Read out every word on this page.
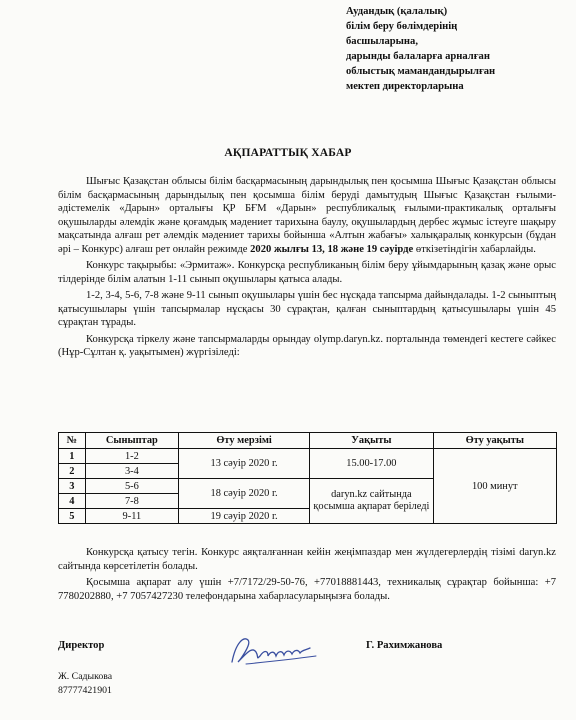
Аудандық (қалалық)
білім беру бөлімдерінің
басшыларына,
дарынды балаларға арналған
облыстық мамандандырылған
мектеп директорларына
АҚПАРАТТЫҚ ХАБАР

Шығыс Қазақстан облысы білім басқармасының дарындылық пен қосымша Шығыс Қазақстан облысы білім басқармасының дарындылық пен қосымша білім беруді дамытудың Шығыс Қазақстан ғылыми-әдістемелік «Дарын» орталығы ҚР БҒМ «Дарын» республикалық ғылыми-практикалық орталығы оқушыларды әлемдік және қоғамдық мәдениет тарихына баулу, оқушылардың дербес жұмыс істеуге шақыру мақсатында алғаш рет әлемдік мәдениет тарихы бойынша «Алтын жабағы» халықаралық конкурсын (бұдан әрі – Конкурс) алғаш рет онлайн режимде 2020 жылғы 13, 18 және 19 сәуірде өткізетіндігін хабарлайды.

Конкурс тақырыбы: «Эрмитаж». Конкурсқа республиканың білім беру ұйымдарының қазақ және орыс тілдерінде білім алатын 1-11 сынып оқушылары қатыса алады.

1-2, 3-4, 5-6, 7-8 және 9-11 сынып оқушылары үшін бес нұсқада тапсырма дайындалады. 1-2 сыныптың қатысушылары үшін тапсырмалар нұсқасы 30 сұрақтан, қалған сыныптардың қатысушылары үшін 45 сұрақтан тұрады.

Конкурсқа тіркелу және тапсырмаларды орындау olymp.daryn.kz. порталында төмендегі кестеге сәйкес (Нұр-Сұлтан қ. уақытымен) жүргізіледі:

№	Сыныптар	Өту мерзімі	Уақыты	Өту уақыты
1	1-2	13 сәуір 2020 г.	15.00-17.00	100 минут
2	3-4			
3	5-6	18 сәуір 2020 г.	daryn.kz сайтында қосымша ақпарат беріледі	
4	7-8			
5	9-11	19 сәуір 2020 г.		

Конкурсқа қатысу тегін. Конкурс аяқталғаннан кейін жеңімпаздар мен жүлдегерлердің тізімі daryn.kz сайтында көрсетілетін болады.

Қосымша ақпарат алу үшін +7/7172/29-50-76, +77018881443, техникалық сұрақтар бойынша: +7 7780202880, +7 7057427230 телефондарына хабарласуларыңызға болады.

Директор	Г. Рахимжанова
Ж. Садыкова
87777421901
